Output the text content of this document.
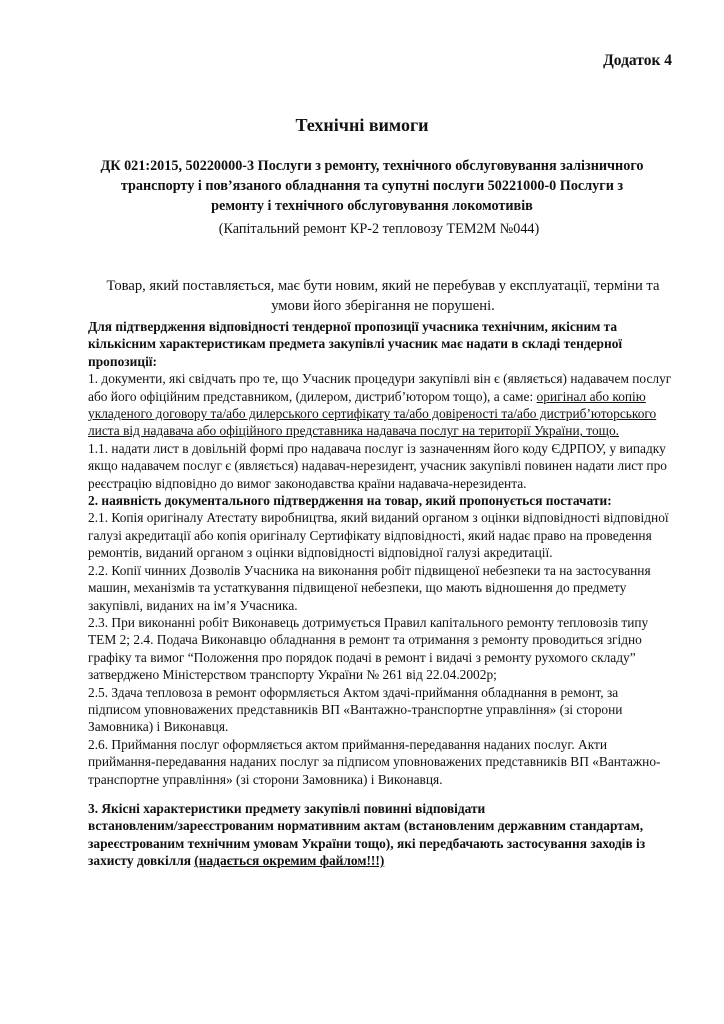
Додаток 4
Технічні вимоги
ДК 021:2015, 50220000-3 Послуги з ремонту, технічного обслуговування залізничного
транспорту і пов’язаного обладнання та супутні послуги 50221000-0 Послуги з
ремонту і технічного обслуговування локомотивів
(Капітальний ремонт КР-2 тепловозу ТЕМ2М №044)
Товар, який поставляється, має бути новим, який не перебував у експлуатації, терміни та
умови його зберігання не порушені.
Для підтвердження відповідності тендерної пропозиції учасника технічним, якісним та
кількісним характеристикам предмета закупівлі учасник має надати в складі тендерної
пропозиції:
1. документи, які свідчать про те, що Учасник процедури закупівлі він є (являється) надавачем послуг
або його офіційним представником, (дилером, дистриб’ютором тощо), а саме: оригінал або копію
укладеного договору та/або дилерського сертифікату та/або довіреності та/або дистриб’юторського
листа від надавача або офіційного представника надавача послуг на території України, тощо.
1.1. надати лист в довільній формі про надавача послуг із зазначенням його коду ЄДРПОУ, у випадку
якщо надавачем послуг є (являється) надавач-нерезидент, учасник закупівлі повинен надати лист про
реєстрацію відповідно до вимог законодавства країни надавача-нерезидента.
2. наявність документального підтвердження на товар, який пропонується постачати:
2.1. Копія оригіналу Атестату виробництва, який виданий органом з оцінки відповідності відповідної
галузі акредитації або копія оригіналу Сертифікату відповідності, який надає право на проведення
ремонтів, виданий органом з оцінки відповідності відповідної галузі акредитації.
2.2. Копії чинних Дозволів Учасника на виконання робіт підвищеної небезпеки та на застосування
машин, механізмів та устаткування підвищеної небезпеки, що мають відношення до предмету
закупівлі, виданих на ім’я Учасника.
2.3. При виконанні робіт Виконавець дотримується Правил капітального ремонту тепловозів типу
ТЕМ 2; 2.4. Подача Виконавцю обладнання в ремонт та отримання з ремонту проводиться згідно
графіку та вимог “Положення про порядок подачі в ремонт і видачі з ремонту рухомого складу”
затверджено Міністерством транспорту України № 261 від 22.04.2002р;
2.5. Здача тепловоза в ремонт оформляється Актом здачі-приймання обладнання в ремонт, за
підписом уповноважених представників ВП «Вантажно-транспортне управління» (зі сторони
Замовника) і Виконавця.
2.6. Приймання послуг оформляється актом приймання-передавання наданих послуг. Акти
приймання-передавання наданих послуг за підписом уповноважених представників ВП «Вантажно-
транспортне управління» (зі сторони Замовника) і Виконавця.
3. Якісні характеристики предмету закупівлі повинні відповідати
встановленим/зареєстрованим нормативним актам (встановленим державним стандартам,
зареєстрованим технічним умовам України тощо), які передбачають застосування заходів із
захисту довкілля (надається окремим файлом!!!)
